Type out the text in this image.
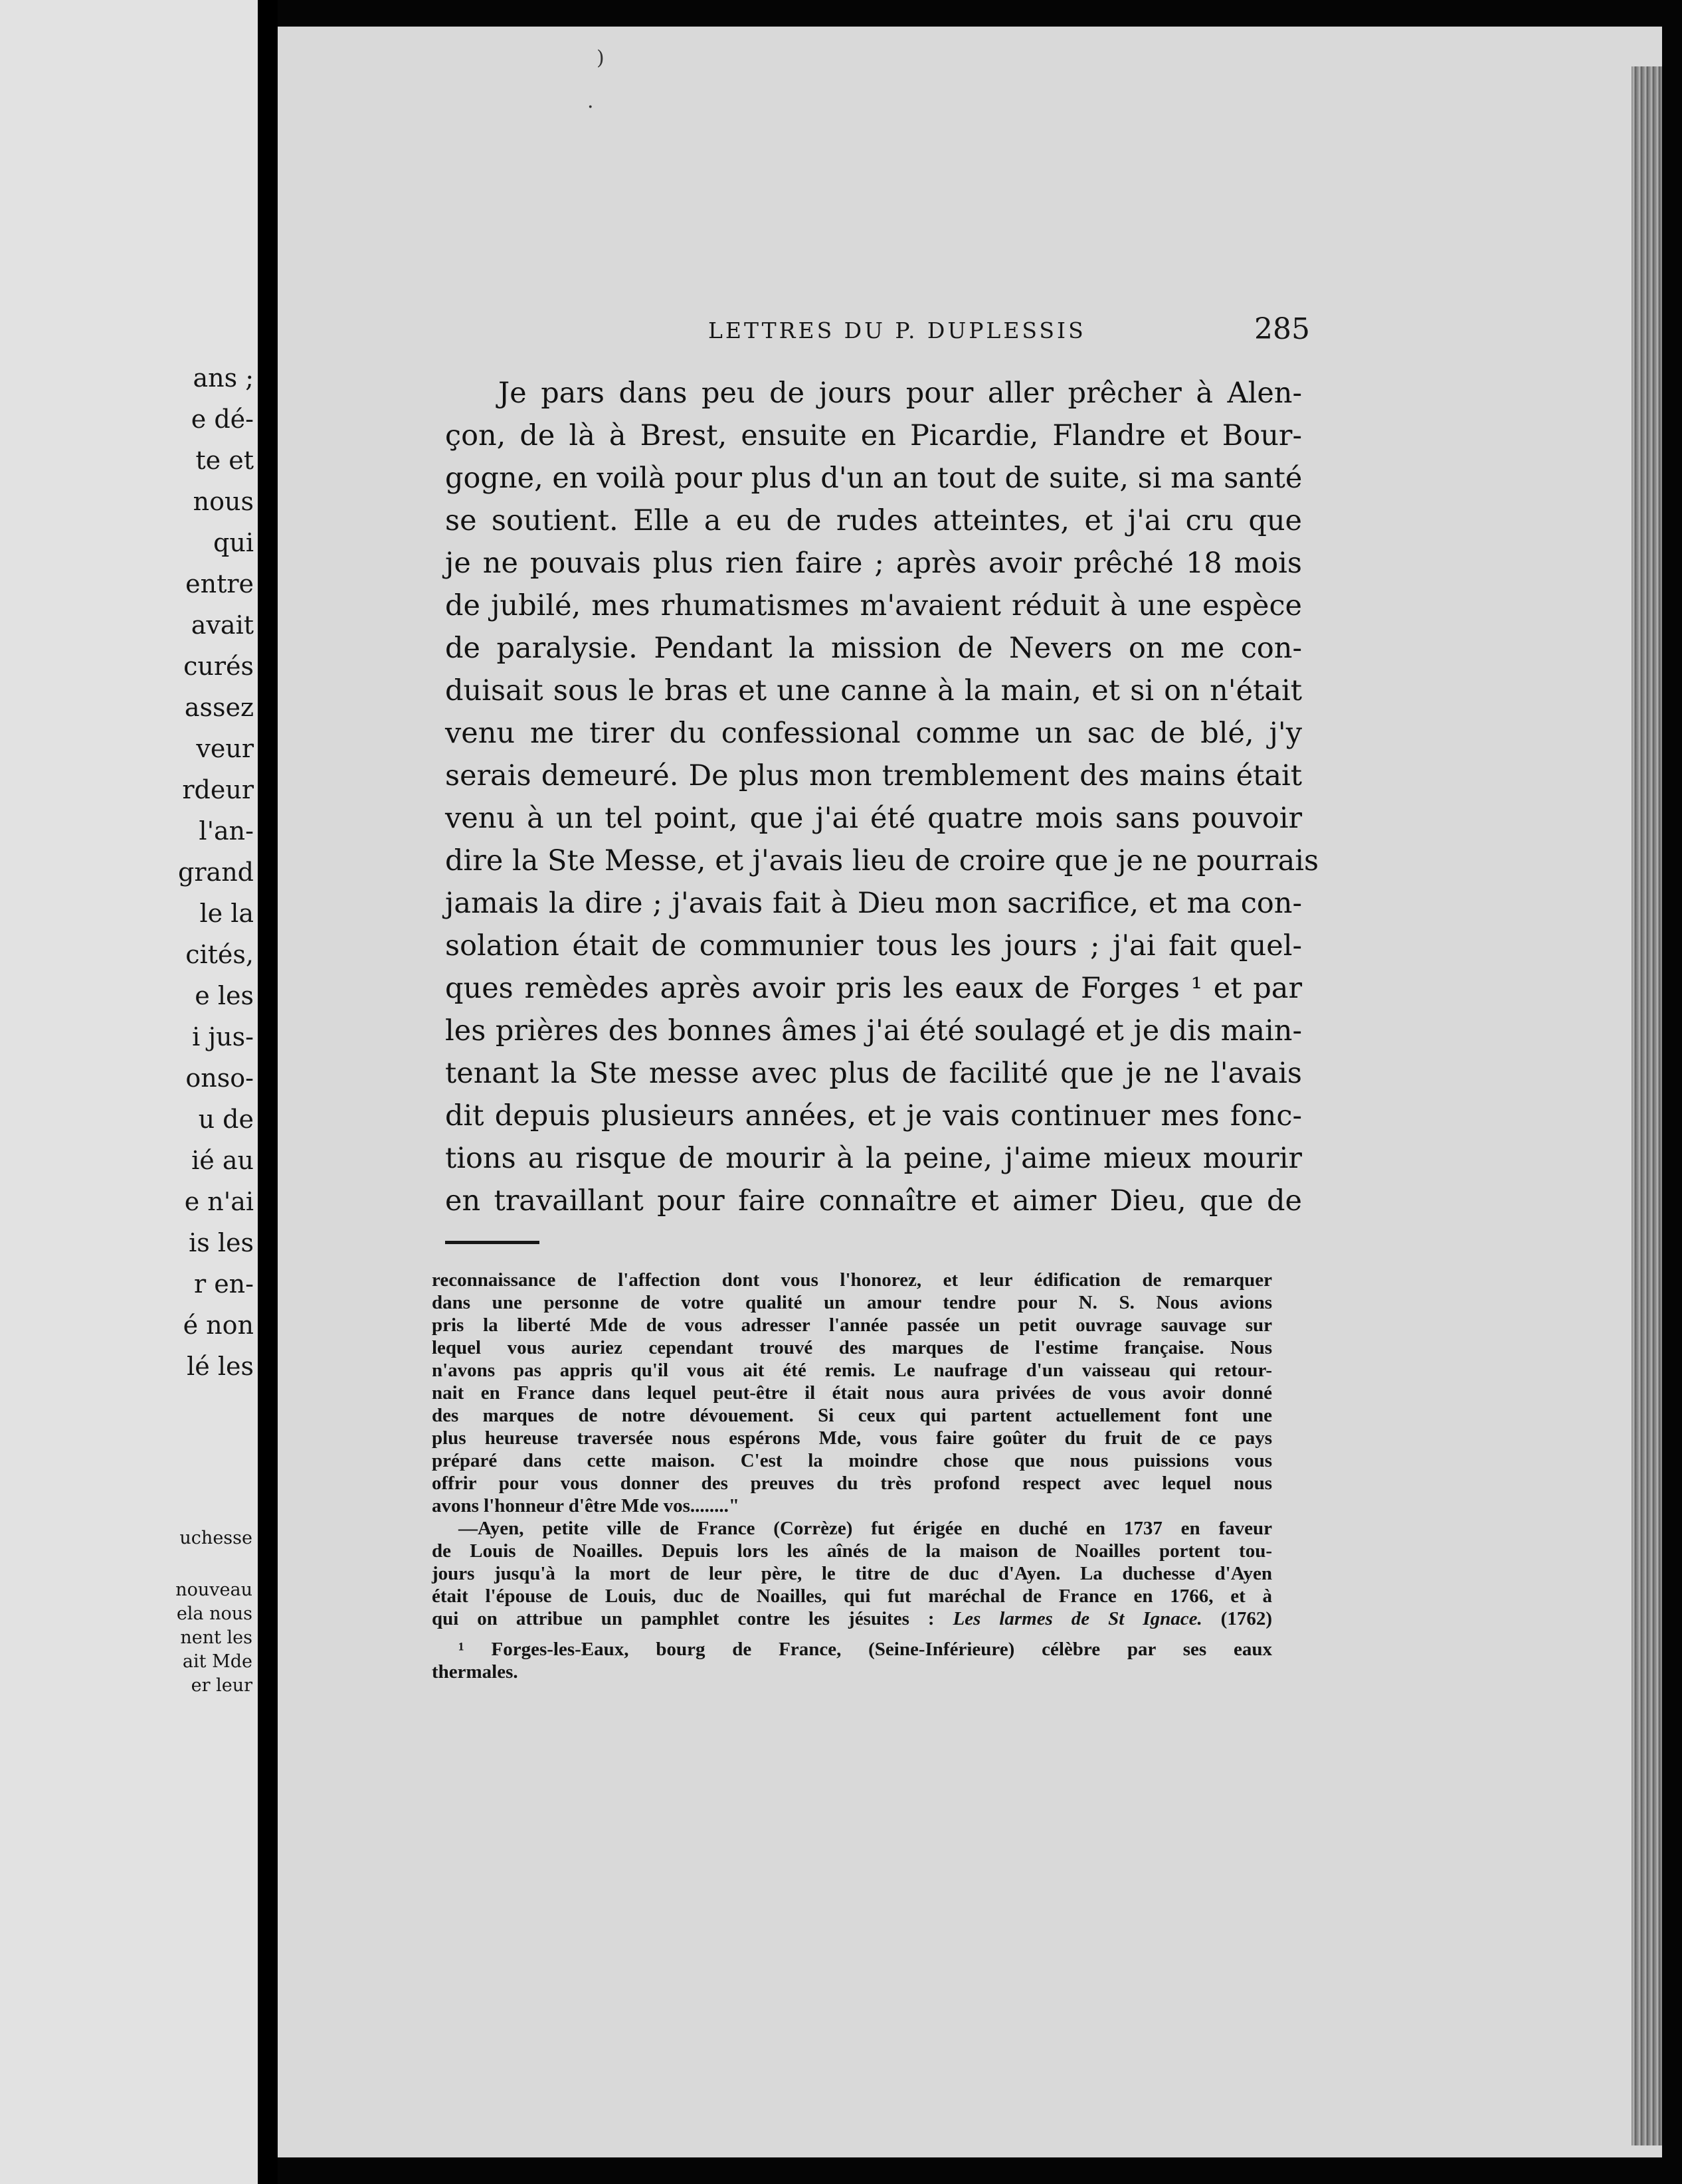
ans ;
e dé-
te et
nous
qui
entre
avait
curés
assez
veur
rdeur
l'an-
grand
le la
cités,
e les
i jus-
onso-
u de
ié au
e n'ai
is les
r en-
é non
lé les
uchesse
nouveau
ela nous
nent les
ait Mde
er leur
)
·
LETTRES DU P. DUPLESSIS	285
Je pars dans peu de jours pour aller prêcher à Alen-
çon, de là à Brest, ensuite en Picardie, Flandre et Bour-
gogne, en voilà pour plus d'un an tout de suite, si ma santé
se soutient. Elle a eu de rudes atteintes, et j'ai cru que
je ne pouvais plus rien faire ; après avoir prêché 18 mois
de jubilé, mes rhumatismes m'avaient réduit à une espèce
de paralysie. Pendant la mission de Nevers on me con-
duisait sous le bras et une canne à la main, et si on n'était
venu me tirer du confessional comme un sac de blé, j'y
serais demeuré. De plus mon tremblement des mains était
venu à un tel point, que j'ai été quatre mois sans pouvoir
dire la Ste Messe, et j'avais lieu de croire que je ne pourrais
jamais la dire ; j'avais fait à Dieu mon sacrifice, et ma con-
solation était de communier tous les jours ; j'ai fait quel-
ques remèdes après avoir pris les eaux de Forges ¹ et par
les prières des bonnes âmes j'ai été soulagé et je dis main-
tenant la Ste messe avec plus de facilité que je ne l'avais
dit depuis plusieurs années, et je vais continuer mes fonc-
tions au risque de mourir à la peine, j'aime mieux mourir
en travaillant pour faire connaître et aimer Dieu, que de
reconnaissance de l'affection dont vous l'honorez, et leur édification de remarquer
dans une personne de votre qualité un amour tendre pour N. S. Nous avions
pris la liberté Mde de vous adresser l'année passée un petit ouvrage sauvage sur
lequel vous auriez cependant trouvé des marques de l'estime française. Nous
n'avons pas appris qu'il vous ait été remis. Le naufrage d'un vaisseau qui retour-
nait en France dans lequel peut-être il était nous aura privées de vous avoir donné
des marques de notre dévouement. Si ceux qui partent actuellement font une
plus heureuse traversée nous espérons Mde, vous faire goûter du fruit de ce pays
préparé dans cette maison. C'est la moindre chose que nous puissions vous
offrir pour vous donner des preuves du très profond respect avec lequel nous
avons l'honneur d'être Mde vos........"
—Ayen, petite ville de France (Corrèze) fut érigée en duché en 1737 en faveur
de Louis de Noailles. Depuis lors les aînés de la maison de Noailles portent tou-
jours jusqu'à la mort de leur père, le titre de duc d'Ayen. La duchesse d'Ayen
était l'épouse de Louis, duc de Noailles, qui fut maréchal de France en 1766, et à
qui on attribue un pamphlet contre les jésuites : Les larmes de St Ignace. (1762)
¹ Forges-les-Eaux, bourg de France, (Seine-Inférieure) célèbre par ses eaux
thermales.
